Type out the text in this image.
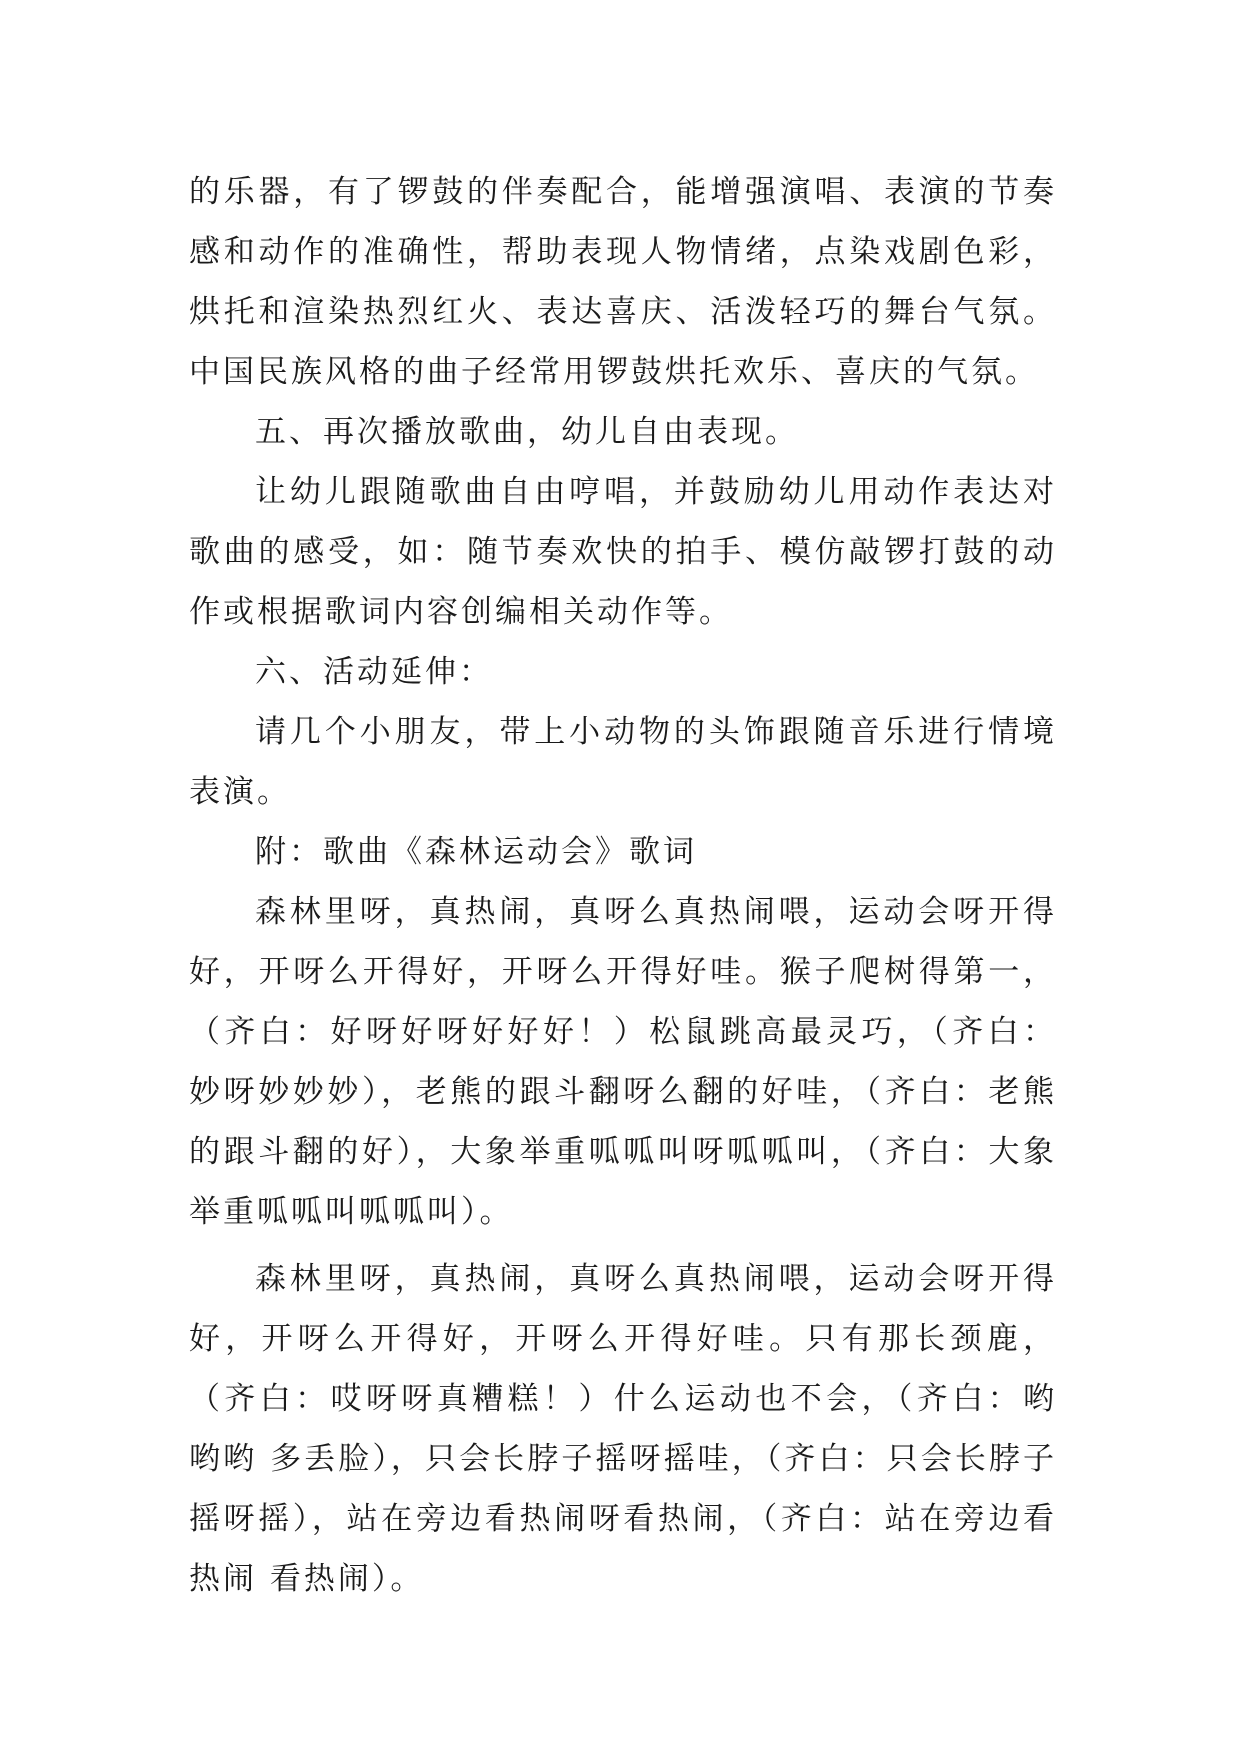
的乐器，有了锣鼓的伴奏配合，能增强演唱、表演的节奏感和动作的准确性，帮助表现人物情绪，点染戏剧色彩，烘托和渲染热烈红火、表达喜庆、活泼轻巧的舞台气氛。中国民族风格的曲子经常用锣鼓烘托欢乐、喜庆的气氛。

五、再次播放歌曲，幼儿自由表现。

让幼儿跟随歌曲自由哼唱，并鼓励幼儿用动作表达对歌曲的感受，如：随节奏欢快的拍手、模仿敲锣打鼓的动作或根据歌词内容创编相关动作等。

六、活动延伸：

请几个小朋友，带上小动物的头饰跟随音乐进行情境表演。

附：歌曲《森林运动会》歌词

森林里呀，真热闹，真呀么真热闹喂，运动会呀开得好，开呀么开得好，开呀么开得好哇。猴子爬树得第一，（齐白：好呀好呀好好好！）松鼠跳高最灵巧，（齐白：妙呀妙妙妙），老熊的跟斗翻呀么翻的好哇，（齐白：老熊的跟斗翻的好），大象举重呱呱叫呀呱呱叫，（齐白：大象举重呱呱叫呱呱叫）。

森林里呀，真热闹，真呀么真热闹喂，运动会呀开得好，开呀么开得好，开呀么开得好哇。只有那长颈鹿，（齐白：哎呀呀真糟糕！）什么运动也不会，（齐白：哟哟哟 多丢脸），只会长脖子摇呀摇哇，（齐白：只会长脖子摇呀摇），站在旁边看热闹呀看热闹，（齐白：站在旁边看热闹 看热闹）。
